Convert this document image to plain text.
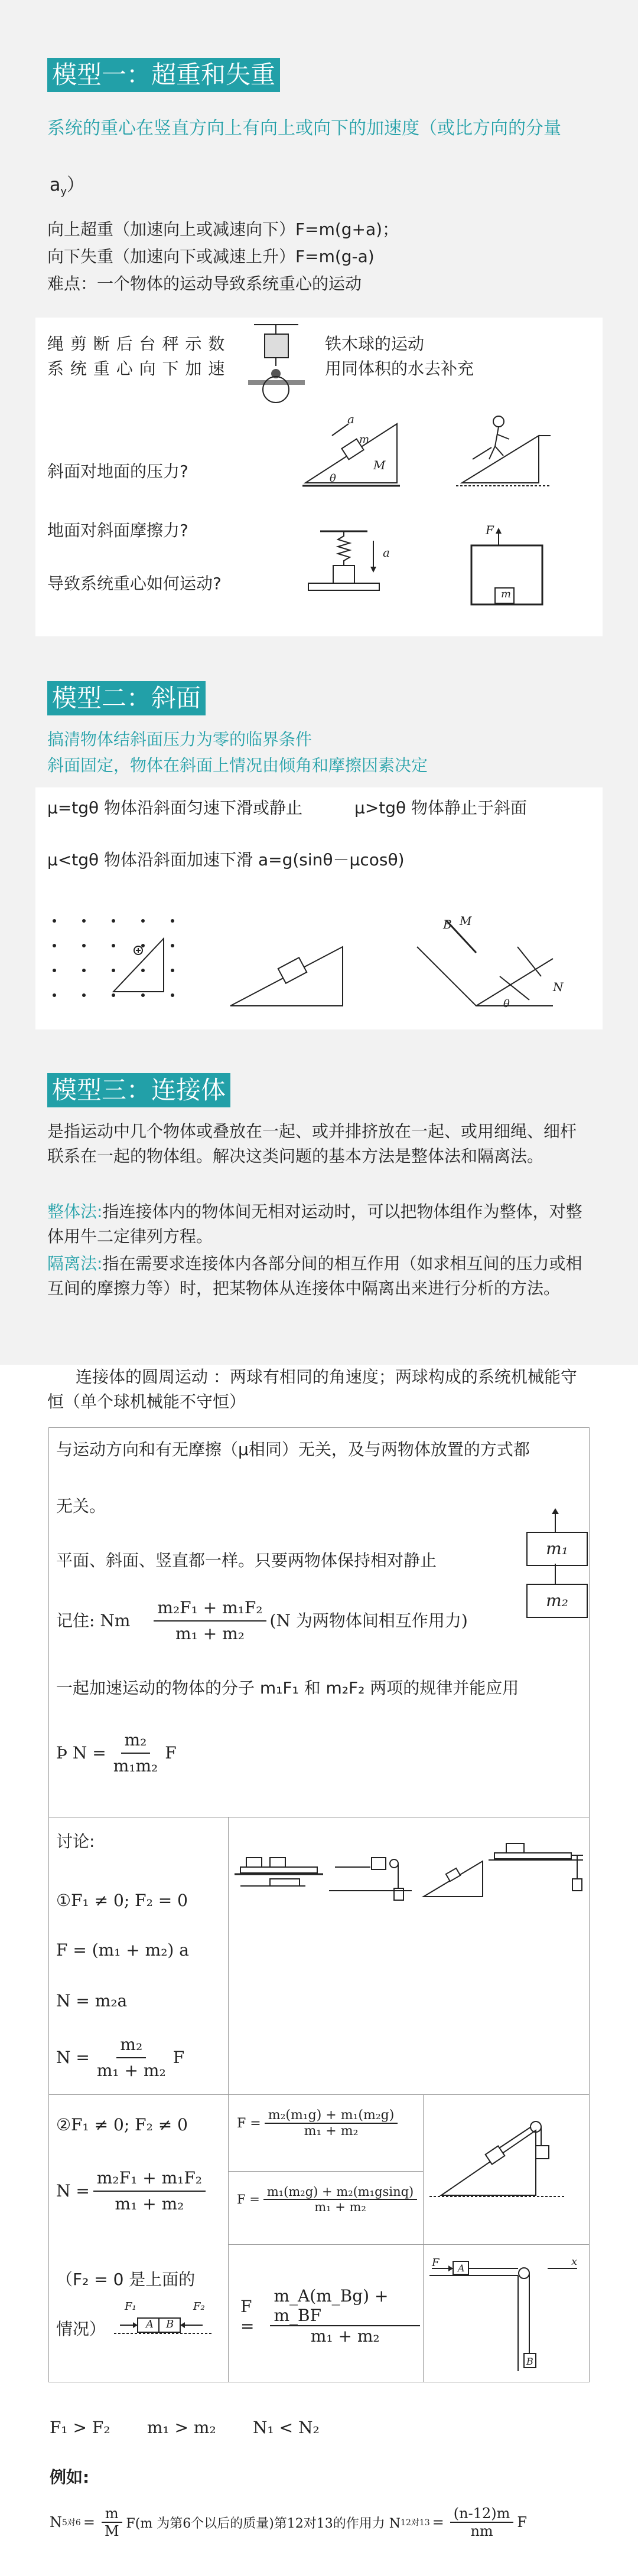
模型一：超重和失重
系统的重心在竖直方向上有向上或向下的加速度（或比方向的分量
$a_y$）
向上超重（加速向上或减速向下）F=m(g+a)；
向下失重（加速向下或减速上升）F=m(g-a)
难点：一个物体的运动导致系统重心的运动
绳 剪 断 后 台 秤 示 数
系 统 重 心 向 下 加 速
铁木球的运动
用同体积的水去补充
a
m
M
θ
斜面对地面的压力?
地面对斜面摩擦力?
导致系统重心如何运动?
a
F
m
模型二：斜面
搞清物体结斜面压力为零的临界条件
斜面固定，物体在斜面上情况由倾角和摩擦因素决定
μ=tgθ 物体沿斜面匀速下滑或静止	μ>tgθ 物体静止于斜面
μ<tgθ 物体沿斜面加速下滑 a=g(sinθ－μcosθ)
B M
N
θ
模型三：连接体
是指运动中几个物体或叠放在一起、或并排挤放在一起、或用细绳、细杆联系在一起的物体组。解决这类问题的基本方法是整体法和隔离法。
整体法:指连接体内的物体间无相对运动时，可以把物体组作为整体，对整体用牛二定律列方程。
隔离法:指在需要求连接体内各部分间的相互作用（如求相互间的压力或相互间的摩擦力等）时，把某物体从连接体中隔离出来进行分析的方法。
连接体的圆周运动 ：两球有相同的角速度；两球构成的系统机械能守恒（单个球机械能不守恒）
与运动方向和有无摩擦（μ相同）无关，及与两物体放置的方式都
无关。
平面、斜面、竖直都一样。只要两物体保持相对静止
记住: Nm $\frac{\text{m₂F₁ + m₁F₂}}{\text{m₁ + m₂}} (N$ 为两物体间相互作用力)
m₁
m₂
一起加速运动的物体的分子 m₁F₁ 和 m₂F₂ 两项的规律并能应用
Þ $N = \frac{\text{m₂}}{\text{m₁m₂}}$ F
讨论:
①F₁ ≠ 0; F₂ = 0
F = (m₁ + m₂) a
N = m₂a
$N = \frac{\text{m₂}}{\text{m₁ + m₂}}$ F
②F₁ ≠ 0; F₂ ≠ 0
$N = \frac{\text{m₂F₁ + m₁F₂}}{\text{m₁ + m₂}}$
（F₂ = 0 是上面的
情况）
F₁
A B
F₂
$F = \frac{\text{m₂(m₁g) + m₁(m₂g)}}{\text{m₁ + m₂}}$
$F = \frac{\text{m₁(m₂g) + m₂(m₁gsinq)}}{\text{m₁ + m₂}}$
$F = \frac{m\_A(m\_Bg) + m\_BF}{\text{m₁ + m₂}}$
F A
x
B
F₁ > F₂       m₁ > m₂       N₁ < N₂
例如:
N 5对$6 = \frac{m}{M} F(m$ 为第6个以后的质量)第12对13的作用力 N 12对$13 = \frac{(n-12)m}{nm}$ F
